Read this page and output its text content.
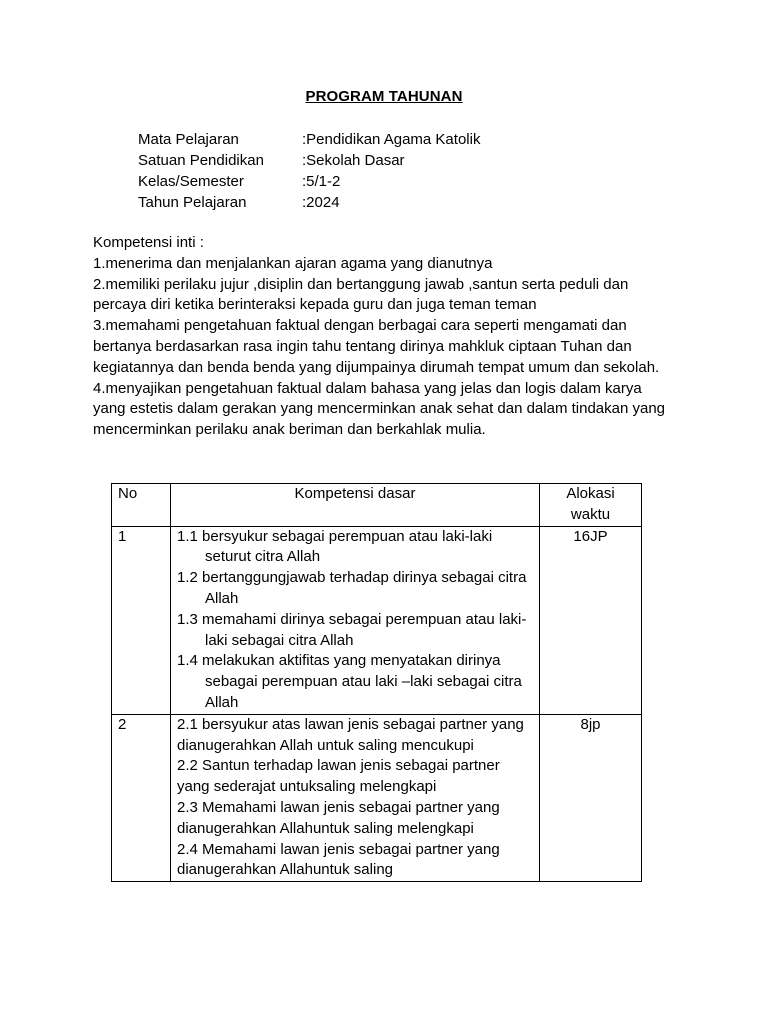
PROGRAM TAHUNAN
Mata Pelajaran	:Pendidikan Agama Katolik
Satuan Pendidikan	:Sekolah Dasar
Kelas/Semester	:5/1-2
Tahun Pelajaran	:2024

Kompetensi inti :

1.menerima dan menjalankan ajaran agama yang dianutnya

2.memiliki perilaku jujur ,disiplin dan bertanggung jawab ,santun serta peduli dan percaya diri ketika berinteraksi kepada guru dan juga teman teman

3.memahami pengetahuan faktual dengan berbagai cara seperti mengamati dan bertanya berdasarkan rasa ingin tahu tentang dirinya mahkluk ciptaan Tuhan dan kegiatannya dan benda benda yang dijumpainya dirumah tempat umum dan sekolah.

4.menyajikan pengetahuan faktual dalam bahasa yang jelas dan logis dalam karya yang estetis dalam gerakan yang mencerminkan anak sehat dan dalam tindakan yang mencerminkan perilaku anak beriman dan berkahlak mulia.

No	Kompetensi dasar	Alokasi waktu
1	1.1 bersyukur sebagai perempuan atau laki-laki seturut citra Allah
1.2 bertanggungjawab terhadap dirinya sebagai citra Allah
1.3 memahami dirinya sebagai perempuan atau laki-laki sebagai citra Allah
1.4 melakukan aktifitas yang menyatakan dirinya sebagai perempuan atau laki –laki sebagai citra Allah	16JP
2	2.1 bersyukur atas lawan jenis sebagai partner yang dianugerahkan Allah untuk saling mencukupi
2.2 Santun terhadap lawan jenis sebagai partner yang sederajat untuksaling melengkapi
2.3 Memahami lawan jenis sebagai partner yang dianugerahkan Allahuntuk saling melengkapi
2.4 Memahami lawan jenis sebagai partner yang dianugerahkan Allahuntuk saling	8jp
